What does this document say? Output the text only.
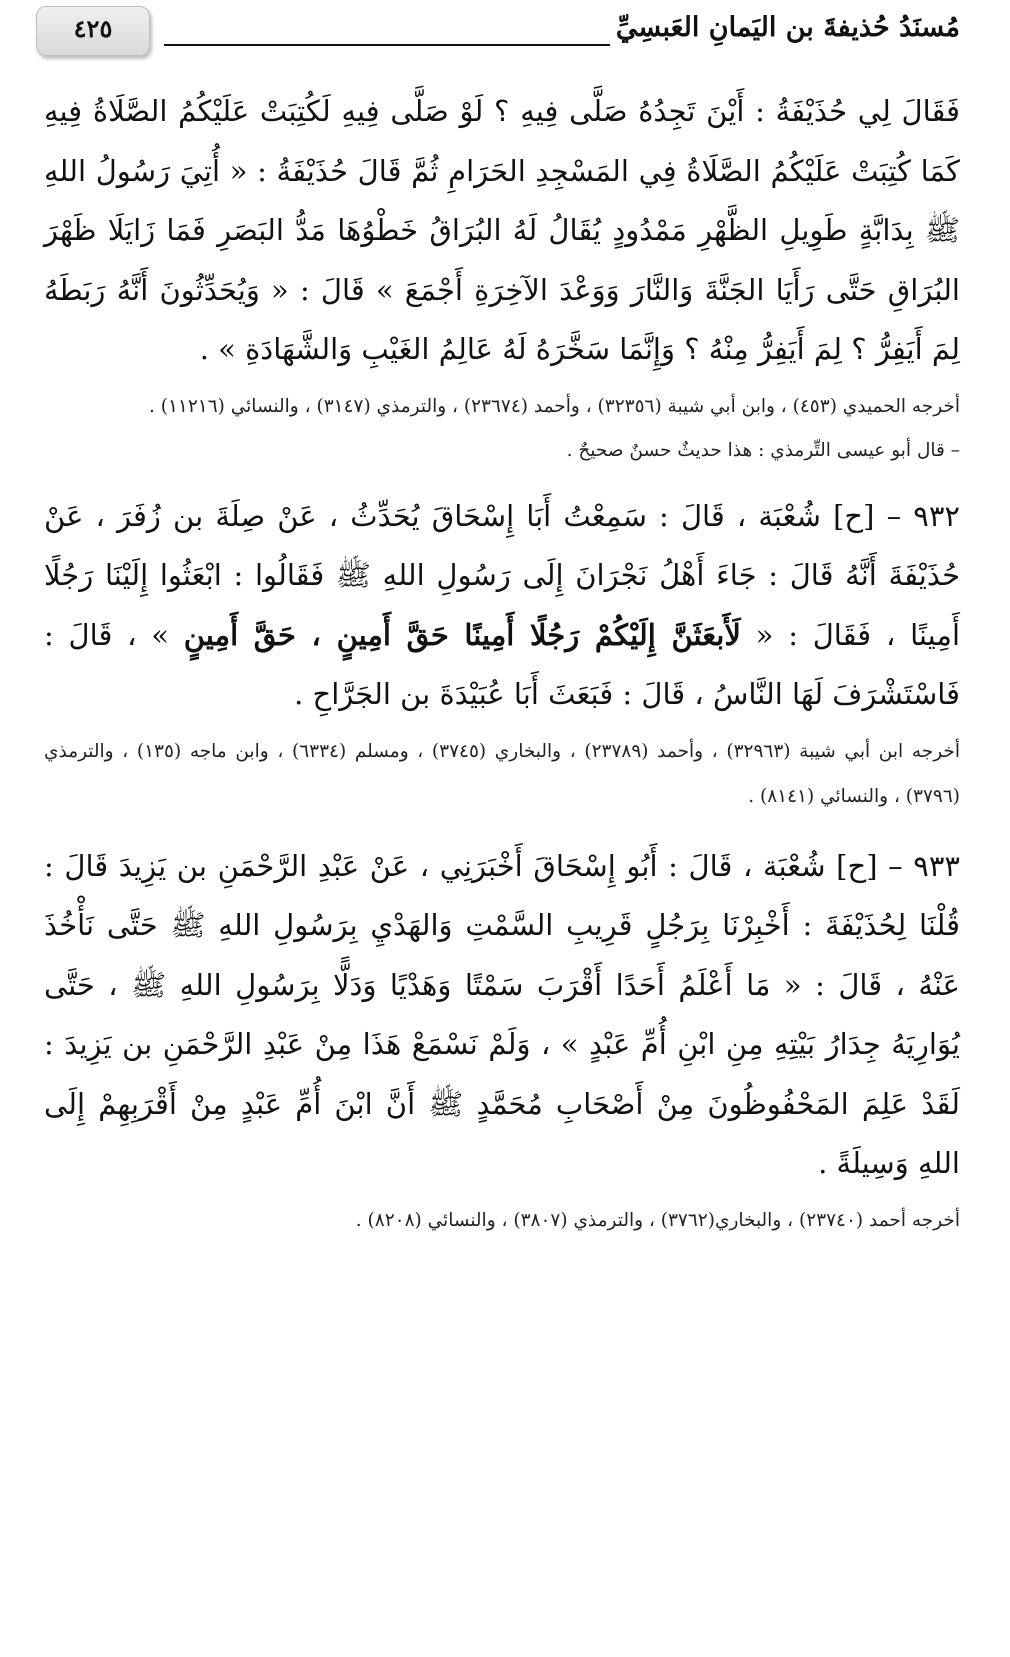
مُسنَدُ حُذيفةَ بن اليَمانِ العَبسِيِّ
٤٢٥

فَقَالَ لِي حُذَيْفَةُ : أَيْنَ تَجِدُهُ صَلَّى فِيهِ ؟ لَوْ صَلَّى فِيهِ لَكُتِبَتْ عَلَيْكُمُ الصَّلَاةُ فِيهِ كَمَا كُتِبَتْ عَلَيْكُمُ الصَّلَاةُ فِي المَسْجِدِ الحَرَامِ ثُمَّ قَالَ حُذَيْفَةُ : « أُتِيَ رَسُولُ اللهِ ﷺ بِدَابَّةٍ طَوِيلِ الظَّهْرِ مَمْدُودٍ يُقَالُ لَهُ البُرَاقُ خَطْوُهَا مَدُّ البَصَرِ فَمَا زَايَلَا ظَهْرَ البُرَاقِ حَتَّى رَأَيَا الجَنَّةَ وَالنَّارَ وَوَعْدَ الآخِرَةِ أَجْمَعَ » قَالَ : « وَيُحَدِّثُونَ أَنَّهُ رَبَطَهُ لِمَ أَيَفِرُّ ؟ لِمَ أَيَفِرُّ مِنْهُ ؟ وَإِنَّمَا سَخَّرَهُ لَهُ عَالِمُ الغَيْبِ وَالشَّهَادَةِ » .

أخرجه الحميدي (٤٥٣) ، وابن أبي شيبة (٣٢٣٥٦) ، وأحمد (٢٣٦٧٤) ، والترمذي (٣١٤٧) ، والنسائي (١١٢١٦) .

– قال أبو عيسى التِّرمذي : هذا حديثٌ حسنٌ صحيحٌ .

٩٣٢ – [ح] شُعْبَة ، قَالَ : سَمِعْتُ أَبَا إِسْحَاقَ يُحَدِّثُ ، عَنْ صِلَةَ بن زُفَرَ ، عَنْ حُذَيْفَةَ أَنَّهُ قَالَ : جَاءَ أَهْلُ نَجْرَانَ إِلَى رَسُولِ اللهِ ﷺ فَقَالُوا : ابْعَثُوا إِلَيْنَا رَجُلًا أَمِينًا ، فَقَالَ : « لَأَبعَثَنَّ إِلَيْكُمْ رَجُلًا أَمِينًا حَقَّ أَمِينٍ ، حَقَّ أَمِينٍ » ، قَالَ : فَاسْتَشْرَفَ لَهَا النَّاسُ ، قَالَ : فَبَعَثَ أَبَا عُبَيْدَةَ بن الجَرَّاحِ .

أخرجه ابن أبي شيبة (٣٢٩٦٣) ، وأحمد (٢٣٧٨٩) ، والبخاري (٣٧٤٥) ، ومسلم (٦٣٣٤) ، وابن ماجه (١٣٥) ، والترمذي (٣٧٩٦) ، والنسائي (٨١٤١) .

٩٣٣ – [ح] شُعْبَة ، قَالَ : أَبُو إِسْحَاقَ أَخْبَرَنِي ، عَنْ عَبْدِ الرَّحْمَنِ بن يَزِيدَ قَالَ : قُلْنَا لِحُذَيْفَةَ : أَخْبِرْنَا بِرَجُلٍ قَرِيبِ السَّمْتِ وَالهَدْيِ بِرَسُولِ اللهِ ﷺ حَتَّى نَأْخُذَ عَنْهُ ، قَالَ : « مَا أَعْلَمُ أَحَدًا أَقْرَبَ سَمْتًا وَهَدْيًا وَدَلًّا بِرَسُولِ اللهِ ﷺ ، حَتَّى يُوَارِيَهُ جِدَارُ بَيْتِهِ مِنِ ابْنِ أُمِّ عَبْدٍ » ، وَلَمْ نَسْمَعْ هَذَا مِنْ عَبْدِ الرَّحْمَنِ بن يَزِيدَ : لَقَدْ عَلِمَ المَحْفُوظُونَ مِنْ أَصْحَابِ مُحَمَّدٍ ﷺ أَنَّ ابْنَ أُمِّ عَبْدٍ مِنْ أَقْرَبِهِمْ إِلَى اللهِ وَسِيلَةً .

أخرجه أحمد (٢٣٧٤٠) ، والبخاري(٣٧٦٢) ، والترمذي (٣٨٠٧) ، والنسائي (٨٢٠٨) .
